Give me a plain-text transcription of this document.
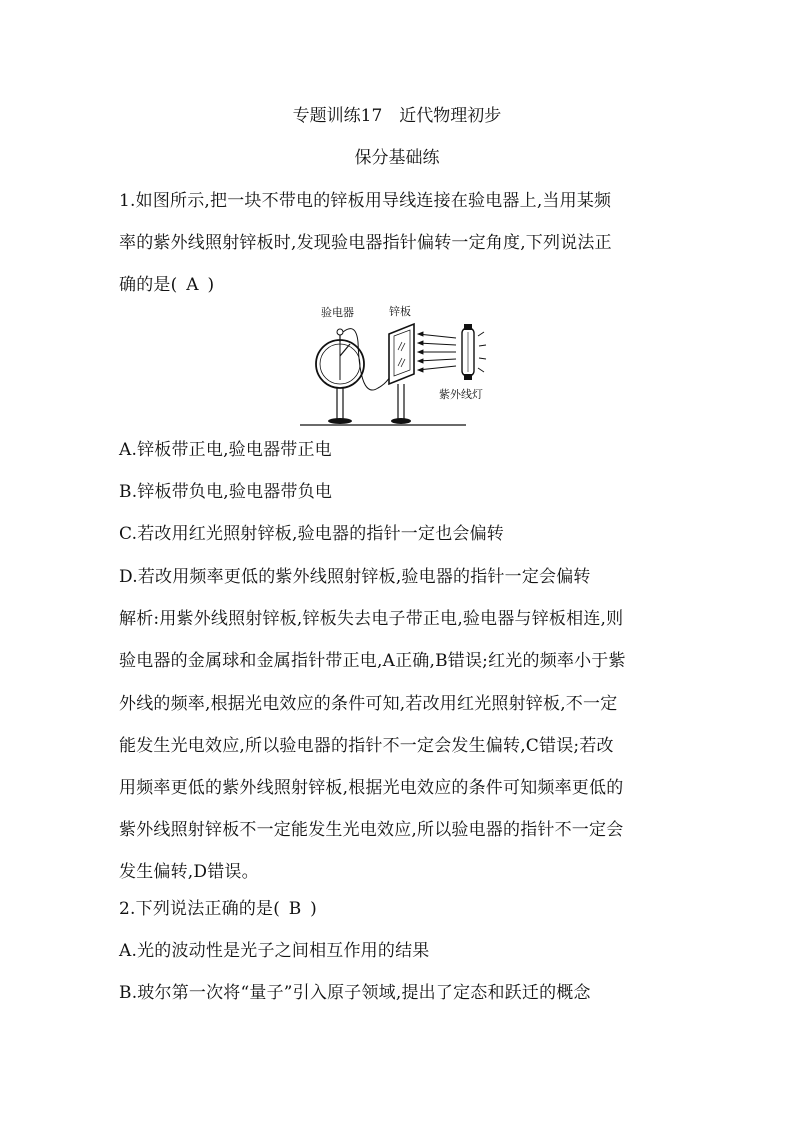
专题训练17　近代物理初步
保分基础练
1.如图所示,把一块不带电的锌板用导线连接在验电器上,当用某频
率的紫外线照射锌板时,发现验电器指针偏转一定角度,下列说法正
确的是( A )
验电器	锌板
紫外线灯
A.锌板带正电,验电器带正电
B.锌板带负电,验电器带负电
C.若改用红光照射锌板,验电器的指针一定也会偏转
D.若改用频率更低的紫外线照射锌板,验电器的指针一定会偏转
解析:用紫外线照射锌板,锌板失去电子带正电,验电器与锌板相连,则
验电器的金属球和金属指针带正电,A正确,B错误;红光的频率小于紫
外线的频率,根据光电效应的条件可知,若改用红光照射锌板,不一定
能发生光电效应,所以验电器的指针不一定会发生偏转,C错误;若改
用频率更低的紫外线照射锌板,根据光电效应的条件可知频率更低的
紫外线照射锌板不一定能发生光电效应,所以验电器的指针不一定会
发生偏转,D错误。
2.下列说法正确的是( B )
A.光的波动性是光子之间相互作用的结果
B.玻尔第一次将“量子”引入原子领域,提出了定态和跃迁的概念
